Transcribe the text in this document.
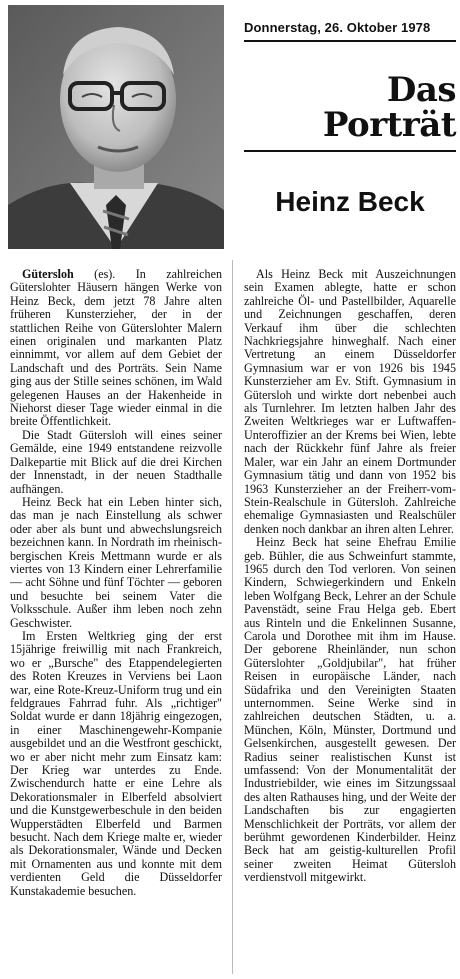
Donnerstag, 26. Oktober 1978
Das
Porträt
Heinz Beck

Gütersloh (es). In zahlreichen Güterslohter Häusern hängen Werke von Heinz Beck, dem jetzt 78 Jahre alten früheren Kunsterzieher, der in der stattlichen Reihe von Güterslohter Malern einen originalen und markanten Platz einnimmt, vor allem auf dem Gebiet der Landschaft und des Porträts. Sein Name ging aus der Stille seines schönen, im Wald gelegenen Hauses an der Hakenheide in Niehorst dieser Tage wieder einmal in die breite Öffentlichkeit.

Die Stadt Gütersloh will eines seiner Gemälde, eine 1949 entstandene reizvolle Dalkepartie mit Blick auf die drei Kirchen der Innenstadt, in der neuen Stadthalle aufhängen.

Heinz Beck hat ein Leben hinter sich, das man je nach Einstellung als schwer oder aber als bunt und abwechslungsreich bezeichnen kann. In Nordrath im rheinisch-bergischen Kreis Mettmann wurde er als viertes von 13 Kindern einer Lehrerfamilie — acht Söhne und fünf Töchter — geboren und besuchte bei seinem Vater die Volksschule. Außer ihm leben noch zehn Geschwister.

Im Ersten Weltkrieg ging der erst 15jährige freiwillig mit nach Frankreich, wo er „Bursche" des Etappendelegierten des Roten Kreuzes in Verviens bei Laon war, eine Rote-Kreuz-Uniform trug und ein feldgraues Fahrrad fuhr. Als „richtiger" Soldat wurde er dann 18jährig eingezogen, in einer Maschinengewehr-Kompanie ausgebildet und an die Westfront geschickt, wo er aber nicht mehr zum Einsatz kam: Der Krieg war unterdes zu Ende. Zwischendurch hatte er eine Lehre als Dekorationsmaler in Elberfeld absolviert und die Kunstgewerbeschule in den beiden Wupperstädten Elberfeld und Barmen besucht. Nach dem Kriege malte er, wieder als Dekorationsmaler, Wände und Decken mit Ornamenten aus und konnte mit dem verdienten Geld die Düsseldorfer Kunstakademie besuchen.

Als Heinz Beck mit Auszeichnungen sein Examen ablegte, hatte er schon zahlreiche Öl- und Pastellbilder, Aquarelle und Zeichnungen geschaffen, deren Verkauf ihm über die schlechten Nachkriegsjahre hinweghalf. Nach einer Vertretung an einem Düsseldorfer Gymnasium war er von 1926 bis 1945 Kunsterzieher am Ev. Stift. Gymnasium in Gütersloh und wirkte dort nebenbei auch als Turnlehrer. Im letzten halben Jahr des Zweiten Weltkrieges war er Luftwaffen-Unteroffizier an der Krems bei Wien, lebte nach der Rückkehr fünf Jahre als freier Maler, war ein Jahr an einem Dortmunder Gymnasium tätig und dann von 1952 bis 1963 Kunsterzieher an der Freiherr-vom-Stein-Realschule in Gütersloh. Zahlreiche ehemalige Gymnasiasten und Realschüler denken noch dankbar an ihren alten Lehrer.

Heinz Beck hat seine Ehefrau Emilie geb. Bühler, die aus Schweinfurt stammte, 1965 durch den Tod verloren. Von seinen Kindern, Schwiegerkindern und Enkeln leben Wolfgang Beck, Lehrer an der Schule Pavenstädt, seine Frau Helga geb. Ebert aus Rinteln und die Enkelinnen Susanne, Carola und Dorothee mit ihm im Hause. Der geborene Rheinländer, nun schon Güterslohter „Goldjubilar", hat früher Reisen in europäische Länder, nach Südafrika und den Vereinigten Staaten unternommen. Seine Werke sind in zahlreichen deutschen Städten, u. a. München, Köln, Münster, Dortmund und Gelsenkirchen, ausgestellt gewesen. Der Radius seiner realistischen Kunst ist umfassend: Von der Monumentalität der Industriebilder, wie eines im Sitzungssaal des alten Rathauses hing, und der Weite der Landschaften bis zur engagierten Menschlichkeit der Porträts, vor allem der berühmt gewordenen Kinderbilder. Heinz Beck hat am geistig-kulturellen Profil seiner zweiten Heimat Gütersloh verdienstvoll mitgewirkt.
